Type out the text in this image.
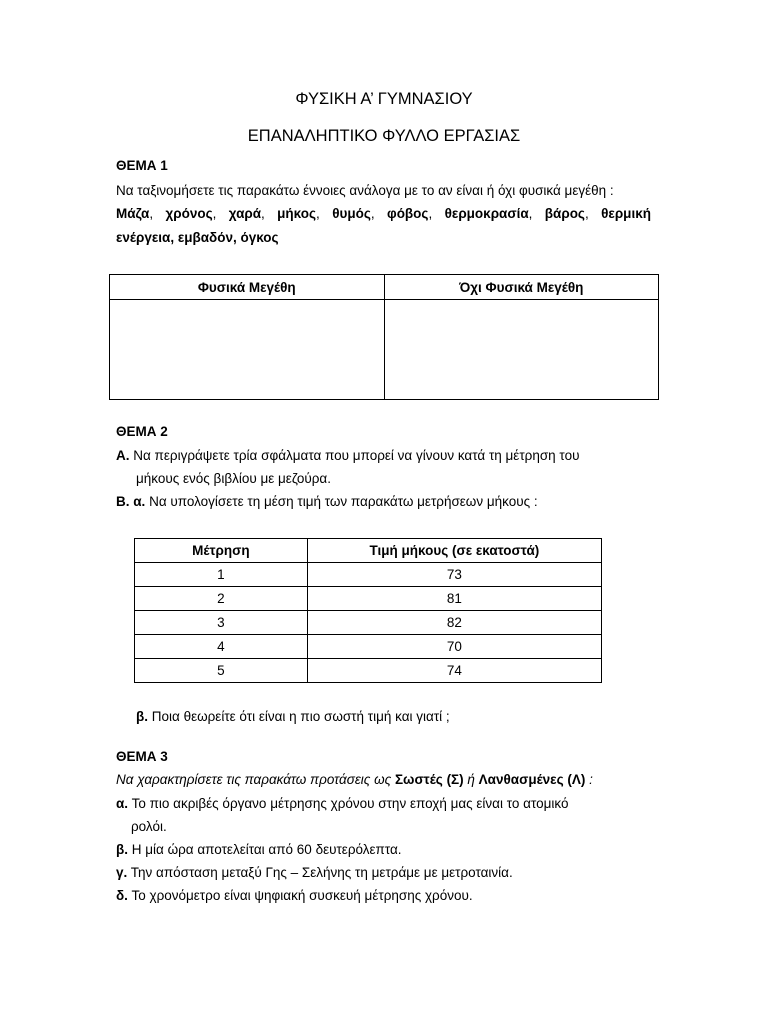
ΦΥΣΙΚΗ Α’ ΓΥΜΝΑΣΙΟΥ
ΕΠΑΝΑΛΗΠΤΙΚΟ ΦΥΛΛΟ ΕΡΓΑΣΙΑΣ
ΘΕΜΑ 1
Να ταξινομήσετε τις παρακάτω έννοιες ανάλογα με το αν είναι ή όχι φυσικά μεγέθη :
Μάζα, χρόνος, χαρά, μήκος, θυμός, φόβος, θερμοκρασία, βάρος, θερμική
ενέργεια, εμβαδόν, όγκος
Φυσικά Μεγέθη	Όχι Φυσικά Μεγέθη

ΘΕΜΑ 2
Α. Να περιγράψετε τρία σφάλματα που μπορεί να γίνουν κατά τη μέτρηση του
μήκους ενός βιβλίου με μεζούρα.
Β. α. Να υπολογίσετε τη μέση τιμή των παρακάτω μετρήσεων μήκους :
Μέτρηση	Τιμή μήκους (σε εκατοστά)
1	73
2	81
3	82
4	70
5	74
β. Ποια θεωρείτε ότι είναι η πιο σωστή τιμή και γιατί ;
ΘΕΜΑ 3
Να χαρακτηρίσετε τις παρακάτω προτάσεις ως Σωστές (Σ) ή Λανθασμένες (Λ) :
α. Το πιο ακριβές όργανο μέτρησης χρόνου στην εποχή μας είναι το ατομικό
ρολόι.
β. Η μία ώρα αποτελείται από 60 δευτερόλεπτα.
γ. Την απόσταση μεταξύ Γης – Σελήνης τη μετράμε με μετροταινία.
δ. Το χρονόμετρο είναι ψηφιακή συσκευή μέτρησης χρόνου.
